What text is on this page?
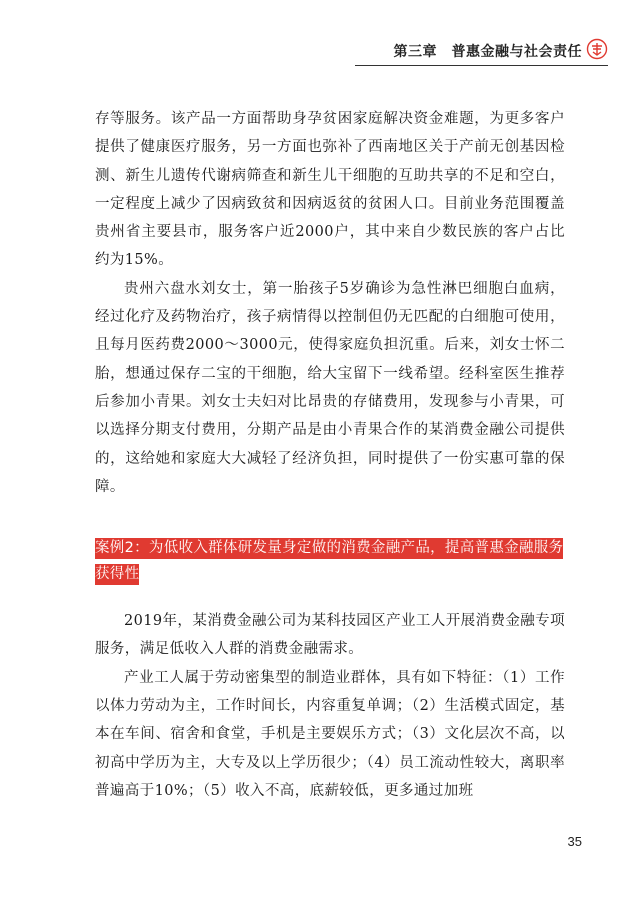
第三章　普惠金融与社会责任

存等服务。该产品一方面帮助身孕贫困家庭解决资金难题，为更多客户提供了健康医疗服务，另一方面也弥补了西南地区关于产前无创基因检测、新生儿遗传代谢病筛查和新生儿干细胞的互助共享的不足和空白，一定程度上减少了因病致贫和因病返贫的贫困人口。目前业务范围覆盖贵州省主要县市，服务客户近2000户，其中来自少数民族的客户占比约为15%。

贵州六盘水刘女士，第一胎孩子5岁确诊为急性淋巴细胞白血病，经过化疗及药物治疗，孩子病情得以控制但仍无匹配的白细胞可使用，且每月医药费2000～3000元，使得家庭负担沉重。后来，刘女士怀二胎，想通过保存二宝的干细胞，给大宝留下一线希望。经科室医生推荐后参加小青果。刘女士夫妇对比昂贵的存储费用，发现参与小青果，可以选择分期支付费用，分期产品是由小青果合作的某消费金融公司提供的，这给她和家庭大大减轻了经济负担，同时提供了一份实惠可靠的保障。

案例2：为低收入群体研发量身定做的消费金融产品，提高普惠金融服务获得性

2019年，某消费金融公司为某科技园区产业工人开展消费金融专项服务，满足低收入人群的消费金融需求。

产业工人属于劳动密集型的制造业群体，具有如下特征：（1）工作以体力劳动为主，工作时间长，内容重复单调；（2）生活模式固定，基本在车间、宿舍和食堂，手机是主要娱乐方式；（3）文化层次不高，以初高中学历为主，大专及以上学历很少；（4）员工流动性较大，离职率普遍高于10%；（5）收入不高，底薪较低，更多通过加班

35
